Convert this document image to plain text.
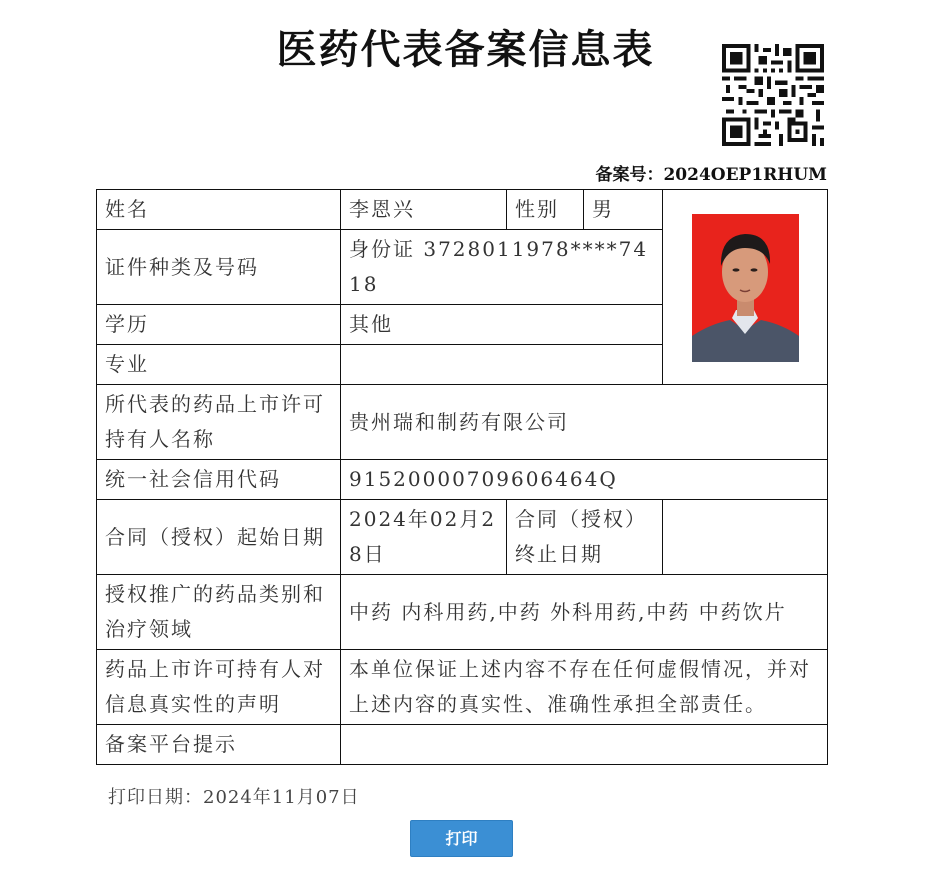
医药代表备案信息表
备案号：2024OEP1RHUM
姓名	李恩兴	性别	男	

证件种类及号码	身份证 3728011978****7418			
学历	其他			
专业				
所代表的药品上市许可持有人名称	贵州瑞和制药有限公司			
统一社会信用代码	91520000709606464Q			
合同（授权）起始日期	2024年02月28日	合同（授权）终止日期		
授权推广的药品类别和治疗领域	中药 内科用药,中药 外科用药,中药 中药饮片			
药品上市许可持有人对信息真实性的声明	本单位保证上述内容不存在任何虚假情况，并对上述内容的真实性、准确性承担全部责任。			
备案平台提示				
打印日期：2024年11月07日
打印
